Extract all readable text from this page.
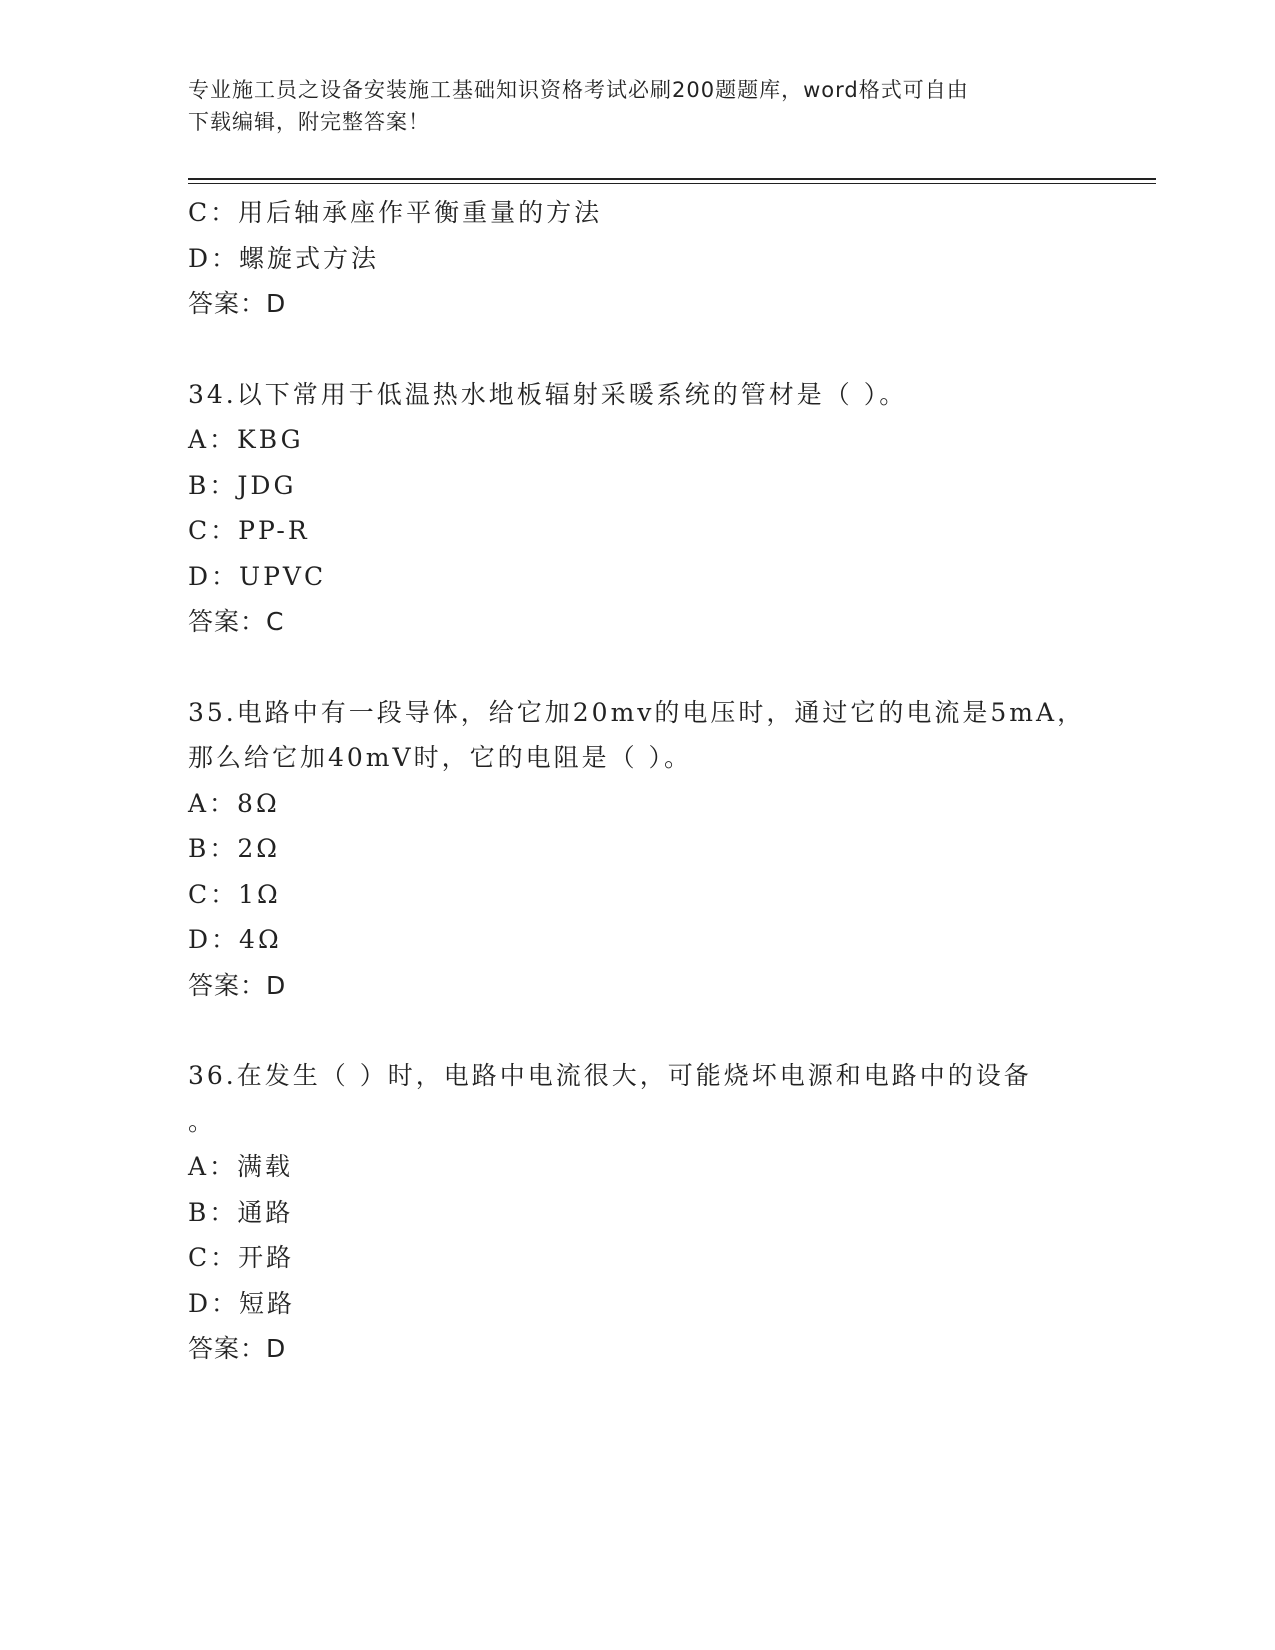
专业施工员之设备安装施工基础知识资格考试必刷200题题库，word格式可自由
下载编辑，附完整答案！
C：用后轴承座作平衡重量的方法
D：螺旋式方法
答案：D
34.以下常用于低温热水地板辐射采暖系统的管材是（ ）。
A：KBG
B：JDG
C：PP-R
D：UPVC
答案：C
35.电路中有一段导体，给它加20mv的电压时，通过它的电流是5mA，
那么给它加40mV时，它的电阻是（ ）。
A：8Ω
B：2Ω
C：1Ω
D：4Ω
答案：D
36.在发生（ ）时，电路中电流很大，可能烧坏电源和电路中的设备
。
A：满载
B：通路
C：开路
D：短路
答案：D
